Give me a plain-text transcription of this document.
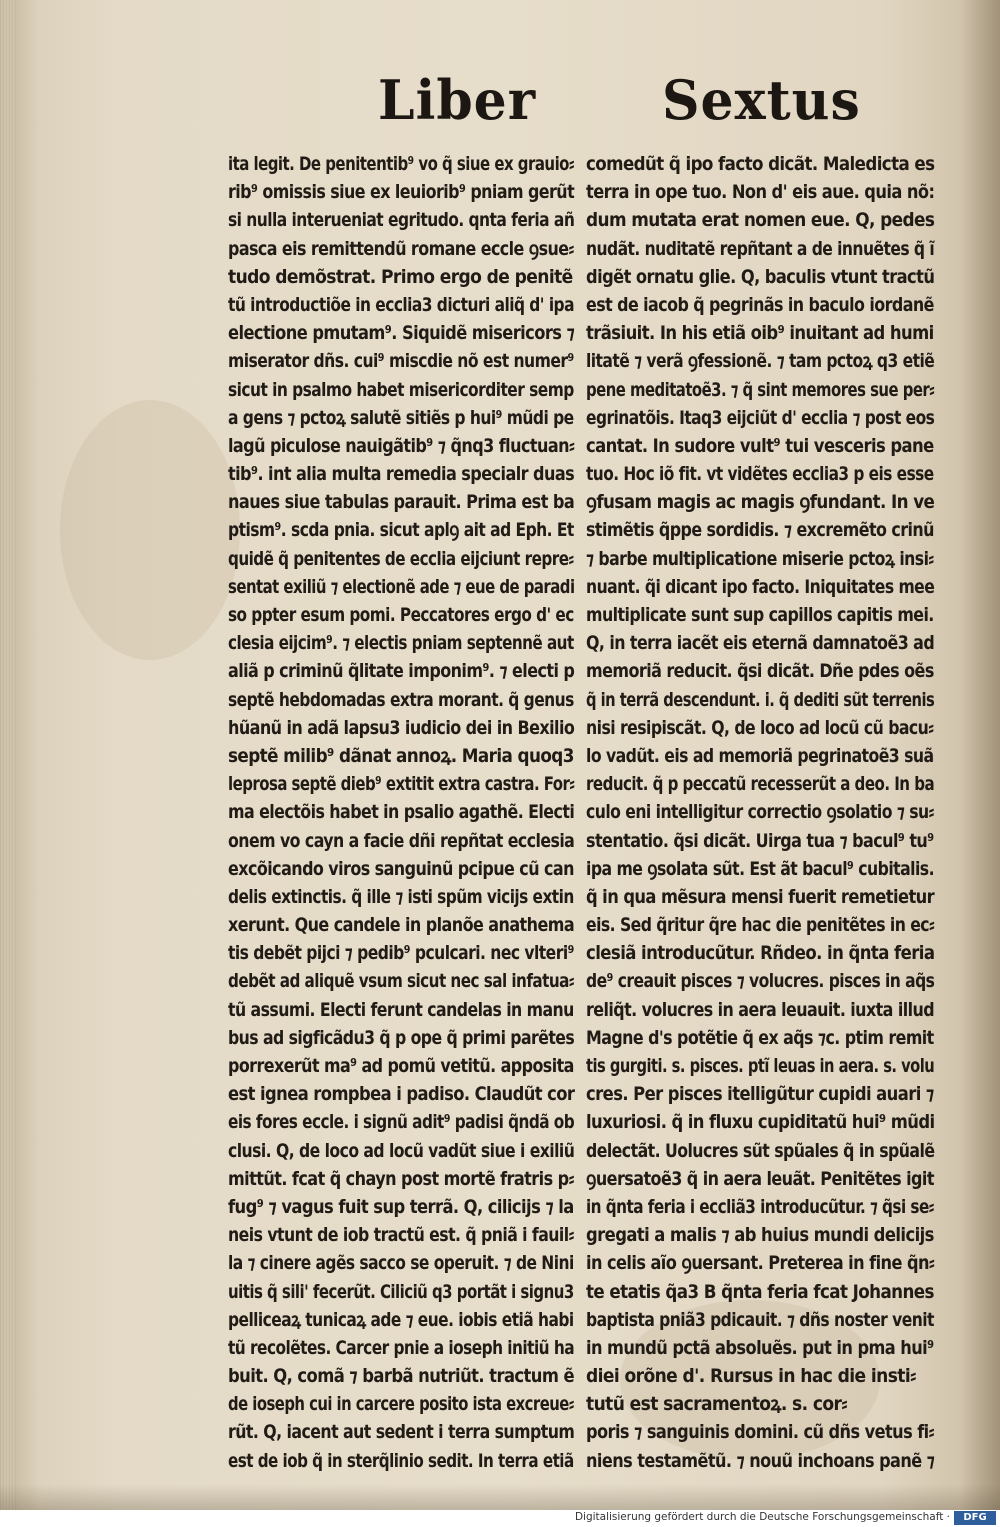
Liber Sextus
ita legit. De penitentib⁹ vo q̃ siue ex grauio⸗
rib⁹ omissis siue ex leuiorib⁹ pniam gerũt
si nulla interueniat egritudo. qnta feria añ
pasca eis remittendũ romane eccle ꝯsue⸗
tudo demõstrat. Primo ergo de penitẽ
tũ introductiõe in ecclia3 dicturi aliq̃ d' ipa
electione pmutam⁹. Siquidẽ misericors ⁊
miserator dñs. cui⁹ miscdie nõ est numer⁹
sicut in psalmo habet misericorditer semp
a gens ⁊ pctoꝝ salutẽ sitiẽs p hui⁹ mũdi pe
lagũ piculose nauigãtib⁹ ⁊ q̃nq3 fluctuan⸗
tib⁹. int alia multa remedia specialr duas
naues siue tabulas parauit. Prima est ba
ptism⁹. scda pnia. sicut aplꝯ ait ad Eph. Et
quidẽ q̃ penitentes de ecclia eijciunt repre⸗
sentat exiliũ ⁊ electionẽ ade ⁊ eue de paradi
so ppter esum pomi. Peccatores ergo d' ec
clesia eijcim⁹. ⁊ electis pniam septennẽ aut
aliã p criminũ q̃litate imponim⁹. ⁊ electi p
septẽ hebdomadas extra morant. q̃ genus
hũanũ in adã lapsu3 iudicio dei in Bexilio
septẽ milib⁹ dãnat annoꝝ. Maria quoq3
leprosa septẽ dieb⁹ extitit extra castra. For⸗
ma electõis habet in psalio agathẽ. Electi
onem vo cayn a facie dñi repñtat ecclesia
excõicando viros sanguinũ pcipue cũ can
delis extinctis. q̃ ille ⁊ isti spũm vicijs extin
xerunt. Que candele in planõe anathema
tis debẽt pijci ⁊ pedib⁹ pculcari. nec vlteri⁹
debẽt ad aliquẽ vsum sicut nec sal infatua⸗
tũ assumi. Electi ferunt candelas in manu
bus ad sigficãdu3 q̃ p ope q̃ primi parẽtes
porrexerũt ma⁹ ad pomũ vetitũ. apposita
est ignea rompbea i padiso. Claudũt cor
eis fores eccle. i signũ adit⁹ padisi q̃ndã ob
clusi. Q, de loco ad locũ vadũt siue i exiliũ
mittũt. fcat q̃ chayn post mortẽ fratris p⸗
fug⁹ ⁊ vagus fuit sup terrã. Q, cilicijs ⁊ la
neis vtunt de iob tractũ est. q̃ pniã i fauil⸗
la ⁊ cinere agẽs sacco se operuit. ⁊ de Nini
uitis q̃ sili' fecerũt. Ciliciũ q3 portãt i signu3
pelliceaꝝ tunicaꝝ ade ⁊ eue. iobis etiã habi
tũ recolẽtes. Carcer pnie a ioseph initiũ ha
buit. Q, comã ⁊ barbã nutriũt. tractum ẽ
de ioseph cui in carcere posito ista excreue⸗
rũt. Q, iacent aut sedent i terra sumptum
est de iob q̃ in sterq̃linio sedit. In terra etiã
comedũt q̃ ipo facto dicãt. Maledicta es
terra in ope tuo. Non d' eis aue. quia nõ:
dum mutata erat nomen eue. Q, pedes
nudãt. nuditatẽ repñtant a de innuẽtes q̃ ĩ
digẽt ornatu glie. Q, baculis vtunt tractũ
est de iacob q̃ pegrinãs in baculo iordanẽ
trãsiuit. In his etiã oib⁹ inuitant ad humi
litatẽ ⁊ verã ꝯfessionẽ. ⁊ tam pctoꝝ q3 etiẽ
pene meditatoẽ3. ⁊ q̃ sint memores sue per⸗
egrinatõis. Itaq3 eijciũt d' ecclia ⁊ post eos
cantat. In sudore vult⁹ tui vesceris pane
tuo. Hoc iõ fit. vt vidẽtes ecclia3 p eis esse
ꝯfusam magis ac magis ꝯfundant. In ve
stimẽtis q̃ppe sordidis. ⁊ excremẽto crinũ
⁊ barbe multiplicatione miserie pctoꝝ insi⸗
nuant. q̃i dicant ipo facto. Iniquitates mee
multiplicate sunt sup capillos capitis mei.
Q, in terra iacẽt eis eternã damnatoẽ3 ad
memoriã reducit. q̃si dicãt. Dñe pdes oẽs
q̃ in terrã descendunt. i. q̃ dediti sũt terrenis
nisi resipiscãt. Q, de loco ad locũ cũ bacu⸗
lo vadũt. eis ad memoriã pegrinatoẽ3 suã
reducit. q̃ p peccatũ recesserũt a deo. In ba
culo eni intelligitur correctio ꝯsolatio ⁊ su⸗
stentatio. q̃si dicãt. Uirga tua ⁊ bacul⁹ tu⁹
ipa me ꝯsolata sũt. Est ãt bacul⁹ cubitalis.
q̃ in qua mẽsura mensi fuerit remetietur
eis. Sed q̃ritur q̃re hac die penitẽtes in ec⸗
clesiã introducũtur. Rñdeo. in q̃nta feria
de⁹ creauit pisces ⁊ volucres. pisces in aq̃s
reliq̃t. volucres in aera leuauit. iuxta illud
Magne d's potẽtie q̃ ex aq̃s ⁊c. ptim remit
tis gurgiti. s. pisces. ptĩ leuas in aera. s. volu
cres. Per pisces itelligũtur cupidi auari ⁊
luxuriosi. q̃ in fluxu cupiditatũ hui⁹ mũdi
delectãt. Uolucres sũt spũales q̃ in spũalẽ
ꝯuersatoẽ3 q̃ in aera leuãt. Penitẽtes igit
in q̃nta feria i eccliã3 introducũtur. ⁊ q̃si se⸗
gregati a malis ⁊ ab huius mundi delicijs
in celis aĩo ꝯuersant. Preterea in fine q̃n⸗
te etatis q̃a3 B q̃nta feria fcat Johannes
baptista pniã3 pdicauit. ⁊ dñs noster venit
in mundũ pctã absoluẽs. put in pma hui⁹
diei orõne d'. Rursus in hac die insti⸗
tutũ est sacramentoꝝ. s. cor⸗
poris ⁊ sanguinis domini. cũ dñs vetus fi⸗
niens testamẽtũ. ⁊ nouũ inchoans panẽ ⁊
Digitalisierung gefördert durch die Deutsche Forschungsgemeinschaft ·	DFG
